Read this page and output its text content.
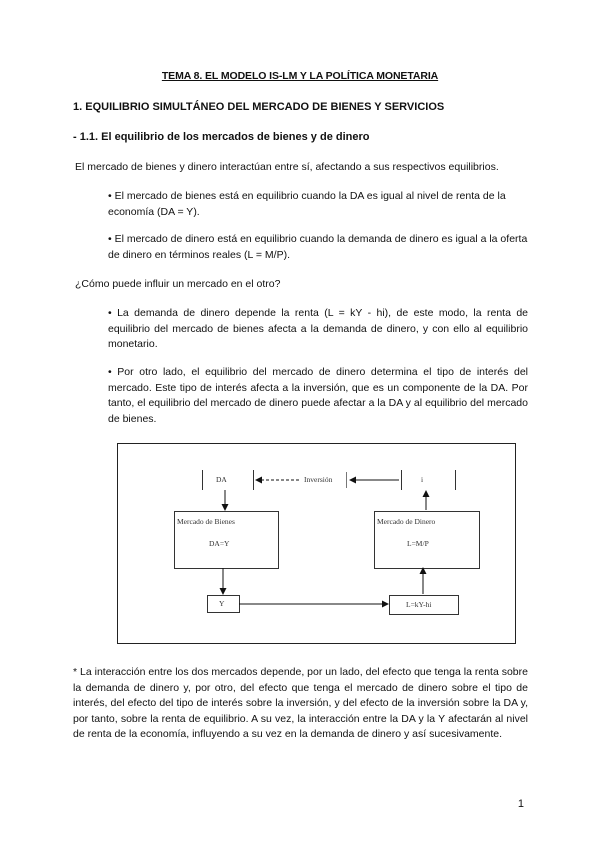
TEMA 8. EL MODELO IS-LM Y LA POLÍTICA MONETARIA
1. EQUILIBRIO SIMULTÁNEO DEL MERCADO DE BIENES Y SERVICIOS
- 1.1. El equilibrio de los mercados de bienes y de dinero
El mercado de bienes y dinero interactúan entre sí, afectando a sus respectivos equilibrios.
• El mercado de bienes está en equilibrio cuando la DA es igual al nivel de renta de la economía (DA = Y).
• El mercado de dinero está en equilibrio cuando la demanda de dinero es igual a la oferta de dinero en términos reales (L = M/P).
¿Cómo puede influir un mercado en el otro?
• La demanda de dinero depende la renta (L = kY - hi), de este modo, la renta de equilibrio del mercado de bienes afecta a la demanda de dinero, y con ello al equilibrio monetario.
• Por otro lado, el equilibrio del mercado de dinero determina el tipo de interés del mercado. Este tipo de interés afecta a la inversión, que es un componente de la DA. Por tanto, el equilibrio del mercado de dinero puede afectar a la DA y al equilibrio del mercado de bienes.
DA	Inversión	i
Mercado de Bienes
DA=Y
Mercado de Dinero
L=M/P
Y	L=kY-hi
* La interacción entre los dos mercados depende, por un lado, del efecto que tenga la renta sobre la demanda de dinero y, por otro, del efecto que tenga el mercado de dinero sobre el tipo de interés, del efecto del tipo de interés sobre la inversión, y del efecto de la inversión sobre la DA y, por tanto, sobre la renta de equilibrio. A su vez, la interacción entre la DA y la Y afectarán al nivel de renta de la economía, influyendo a su vez en la demanda de dinero y así sucesivamente.
1
